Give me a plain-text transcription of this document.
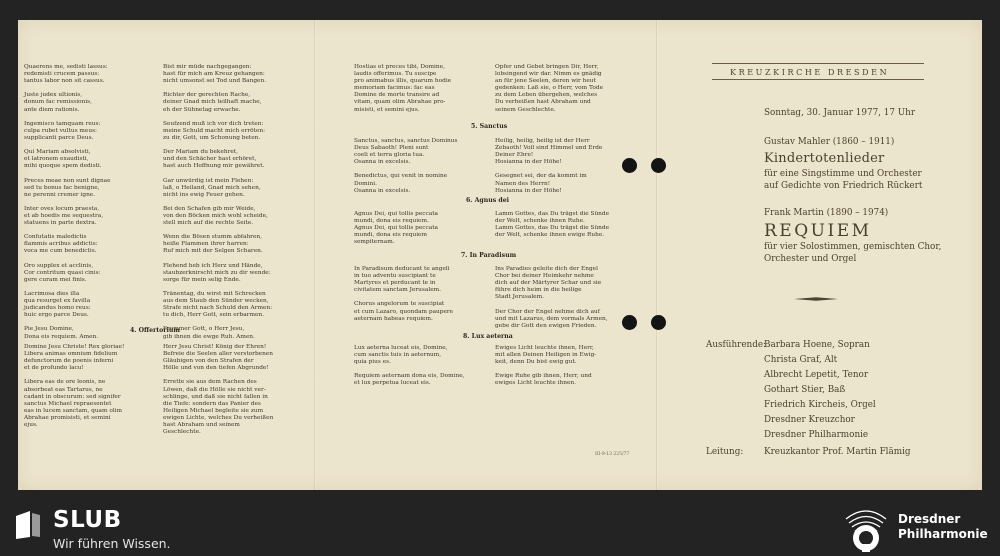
Quaerens me, sedisti lassus:
redemisti crucem passus:
tantus labor non sit cassus.

Juste judex ultionis,
donum fac remissionis,
ante diem rationis.

Ingemisco tamquam reus:
culpa rubet vultus meus:
supplicanti parce Deus.

Qui Mariam absolvisti,
et latronem exaudisti,
mihi quoque spem dedisti.

Preces meae non sunt dignae
sed tu bonus fac benigne,
ne perenni cremer igne.

Inter oves locum praesta,
et ab hoedis me sequestra,
statuens in parte dextra.

Confutatis maledictis
flammis acribus addictis:
voca me cum benedictis.

Oro supplex et acclinis,
Cor contritum quasi cinis:
gere curam mei finis.

Lacrimosa dies illa
qua resurget ex favilla
judicandus homo reus:
huic ergo parce Deus.

Pie Jesu Domine,
Dona eis requiem. Amen.
Bist mir müde nachgegangen:
hast für mich am Kreuz gehangen:
nicht umsonst sei Tod und Bangen.

Richter der gerechten Rache,
deiner Gnad mich teilhaft mache,
eh der Sühnetag erwache.

Seufzend muß ich vor dich treten:
meine Schuld macht mich erröten:
zu dir, Gott, um Schonung beten.

Der Mariam du bekehret,
und den Schächer hast erhöret,
hast auch Hoffnung mir gewähret.

Gar unwürdig ist mein Flehen:
laß, o Heiland, Gnad mich sehen,
nicht ins ewig Feuer gehen.

Bei den Schafen gib mir Weide,
von den Böcken mich wohl scheide,
stell mich auf die rechte Seite.

Wenn die Bösen stumm abfahren,
heiße Flammen ihrer harren:
Ruf mich mit der Selgen Scharen.

Flehend heb ich Herz und Hände,
staubzerknirscht mich zu dir wende:
sorge für mein selig Ende.

Tränentag, du wirst mit Schrecken
aus dem Staub den Sünder wecken,
Strafe nicht nach Schuld den Armen:
tu dich, Herr Gott, sein erbarmen.

Frommer Gott, o Herr Jesu,
gib ihnen die ewge Ruh. Amen.
4. Offertorium
Domine Jesu Christe! Rex gloriae!
Libera animas omnium fidelium
defunctorum de poenis inferni
et de profundo lacu!

Libera eas de ore leonis, ne
absorbeat eas Tartarus, ne
cadant in obscurum: sed signifer
sanctus Michael repraesentet
eas in lucem sanctam, quam olim
Abrahae promisisti, et semini
ejus.
Herr Jesu Christ! König der Ehren!
Befreie die Seelen aller verstorbenen
Gläubigen von den Strafen der
Hölle und von den tiefen Abgrunde!

Errette sie aus dem Rachen des
Löwen, daß die Hölle sie nicht ver-
schlinge, und daß sie nicht fallen in
die Tiefe: sondern das Panier des
Heiligen Michael begleite sie zum
ewigen Lichte, welches Du verheißen
hast Abraham und seinem
Geschlechte.
Hostias et preces tibi, Domine,
laudis offerimus. Tu suscipe
pro animabus illis, quarum hodie
memoriam facimus: fac eas
Domine de morte transire ad
vitam, quam olim Abrahae pro-
misisti, et semini ejus.
Opfer und Gebet bringen Dir, Herr,
lobsingend wir dar. Nimm es gnädig
an für jene Seelen, deren wir heut
gedenken: Laß sie, o Herr, vom Tode
zu dem Leben übergehen, welches
Du verheißen hast Abraham und
seinem Geschlechte.
5. Sanctus
Sanctus, sanctus, sanctus Dominus
Deus Sabaoth! Pleni sunt
coeli et terra gloria tua.
Osanna in excelsis.

Benedictus, qui venit in nomine
Domini.
Osanna in excelsis.
Heilig, heilig, heilig ist der Herr
Zebaoth! Voll sind Himmel und Erde
Deiner Ehre!
Hosianna in der Höhe!

Gesegnet sei, der da kommt im
Namen des Herrn!
Hosianna in der Höhe!
6. Agnus dei
Agnus Dei, qui tollis peccata
mundi, dona eis requiem.
Agnus Dei, qui tollis peccata
mundi, dona eis requiem
sempiternam.
Lamm Gottes, das Du trägst die Sünde
der Welt, schenke ihnen Ruhe.
Lamm Gottes, das Du trägst die Sünde
der Welt, schenke ihnen ewige Ruhe.
7. In Paradisum
In Paradisum deducant te angeli
in tuo adventu suscipiant te
Martyres et perducant te in
civitatem sanctam Jerusalem.

Chorus angelorum te suscipiat
et cum Lazaro, quondam paupere
aeternam habeas requiem.
Ins Paradies geleite dich der Engel
Chor bei deiner Heimkehr nehme
dich auf der Märtyrer Schar und sie
führe dich heim in die heilige
Stadt Jerusalem.

Der Chor der Engel nehme dich auf
und mit Lazarus, dem vormals Armen,
gebe dir Gott den ewigen Frieden.
8. Lux aeterna
Lux aeterna luceat eis, Domine,
cum sanctis tuis in aeternum,
quia pius es.

Requiem aeternam dona eis, Domine,
et lux perpetua luceat eis.
Ewiges Licht leuchte ihnen, Herr,
mit allen Deinen Heiligen in Ewig-
keit, denn Du bist ewig gut.

Ewige Ruhe gib ihnen, Herr, und
ewiges Licht leuchte ihnen.
III-9-13 225/77
KREUZKIRCHE DRESDEN
Sonntag, 30. Januar 1977, 17 Uhr
Gustav Mahler (1860 – 1911)
Kindertotenlieder
für eine Singstimme und Orchester
auf Gedichte von Friedrich Rückert
Frank Martin (1890 – 1974)
REQUIEM
für vier Solostimmen, gemischten Chor,
Orchester und Orgel
Ausführende:
Barbara Hoene, Sopran
Christa Graf, Alt
Albrecht Lepetit, Tenor
Gothart Stier, Baß
Friedrich Kircheis, Orgel
Dresdner Kreuzchor
Dresdner Philharmonie
Leitung: Kreuzkantor Prof. Martin Flämig
SLUB
Wir führen Wissen.
Dresdner
Philharmonie
